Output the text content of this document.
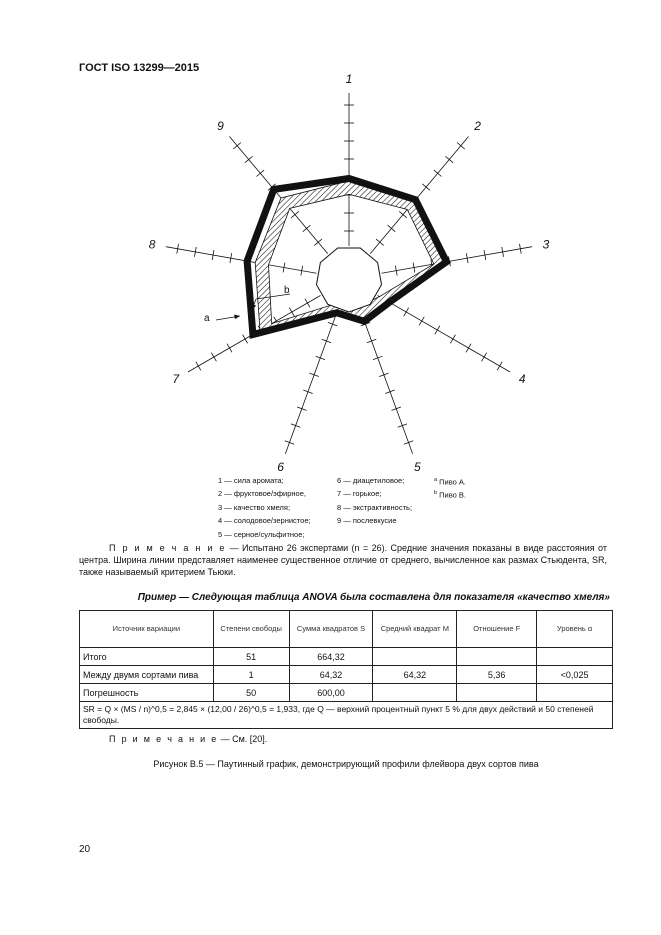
ГОСТ ISO 13299—2015
1
2
3
4
5
6
7
8
9
a
b
1 — сила аромата;
2 — фруктовое/эфирное,
3 — качество хмеля;
4 — солодовое/зернистое;
5 — серное/сульфитное;
6 — диацетиловое;
7 — горькое;
8 — экстрактивность;
9 — послевкусие
$^a$ Пиво А.
$^b$ Пиво В.
П р и м е ч а н и е — Испытано 26 экспертами (n = 26). Средние значения показаны в виде расстояния от центра. Ширина линии представляет наименее существенное отличие от среднего, вычисленное как размах Стьюдента, SR, также называемый критерием Тьюки.
Пример — Следующая таблица ANOVA была составлена для показателя «качество хмеля»
Источник вариации	Степени свободы	Сумма квадратов S	Средний квадрат M	Отношение F	Уровень α
Итого	51	664,32			
Между двумя сортами пива	1	64,32	64,32	5,36	<0,025
Погрешность	50	600,00			
SR = Q × (MS / n)^0,5 = 2,845 × (12,00 / 26)^0,5 = 1,933, где Q — верхний процентный пункт 5 % для двух действий и 50 степеней свободы.					
П р и м е ч а н и е — См. [20].
Рисунок B.5 — Паутинный график, демонстрирующий профили флейвора двух сортов пива
20
